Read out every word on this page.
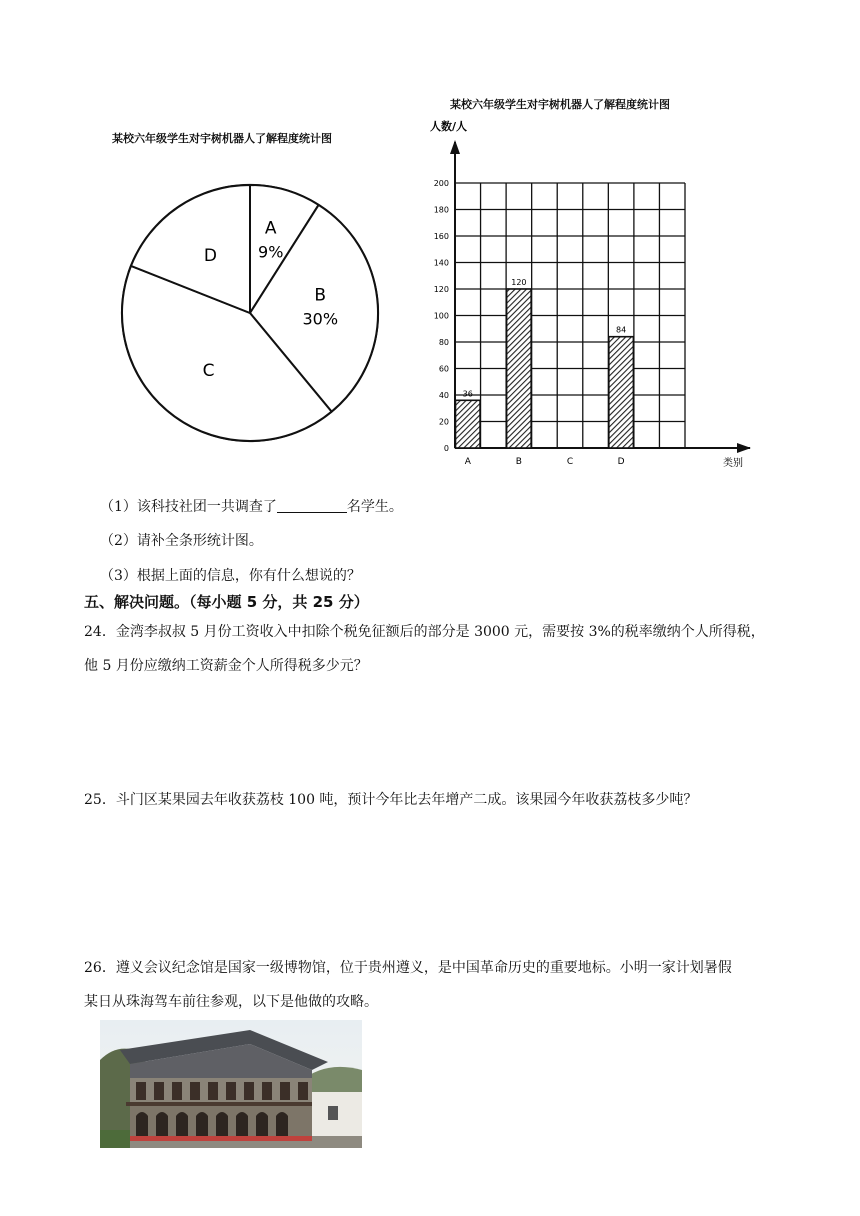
某校六年级学生对宇树机器人了解程度统计图
A
9%
B
30%
C
D
某校六年级学生对宇树机器人了解程度统计图
人数/人
类别
0
20
40
60
80
100
120
140
160
180
200
A
36
B
120
C	D
84
（1）该科技社团一共调查了	名学生。
（2）请补全条形统计图。
（3）根据上面的信息，你有什么想说的？
五、解决问题。（每小题 5 分，共 25 分）
24．金湾李叔叔 5 月份工资收入中扣除个税免征额后的部分是 3000 元，需要按 3%的税率缴纳个人所得税，
他 5 月份应缴纳工资薪金个人所得税多少元？
25．斗门区某果园去年收获荔枝 100 吨，预计今年比去年增产二成。该果园今年收获荔枝多少吨？
26．遵义会议纪念馆是国家一级博物馆，位于贵州遵义，是中国革命历史的重要地标。小明一家计划暑假
某日从珠海驾车前往参观，以下是他做的攻略。
